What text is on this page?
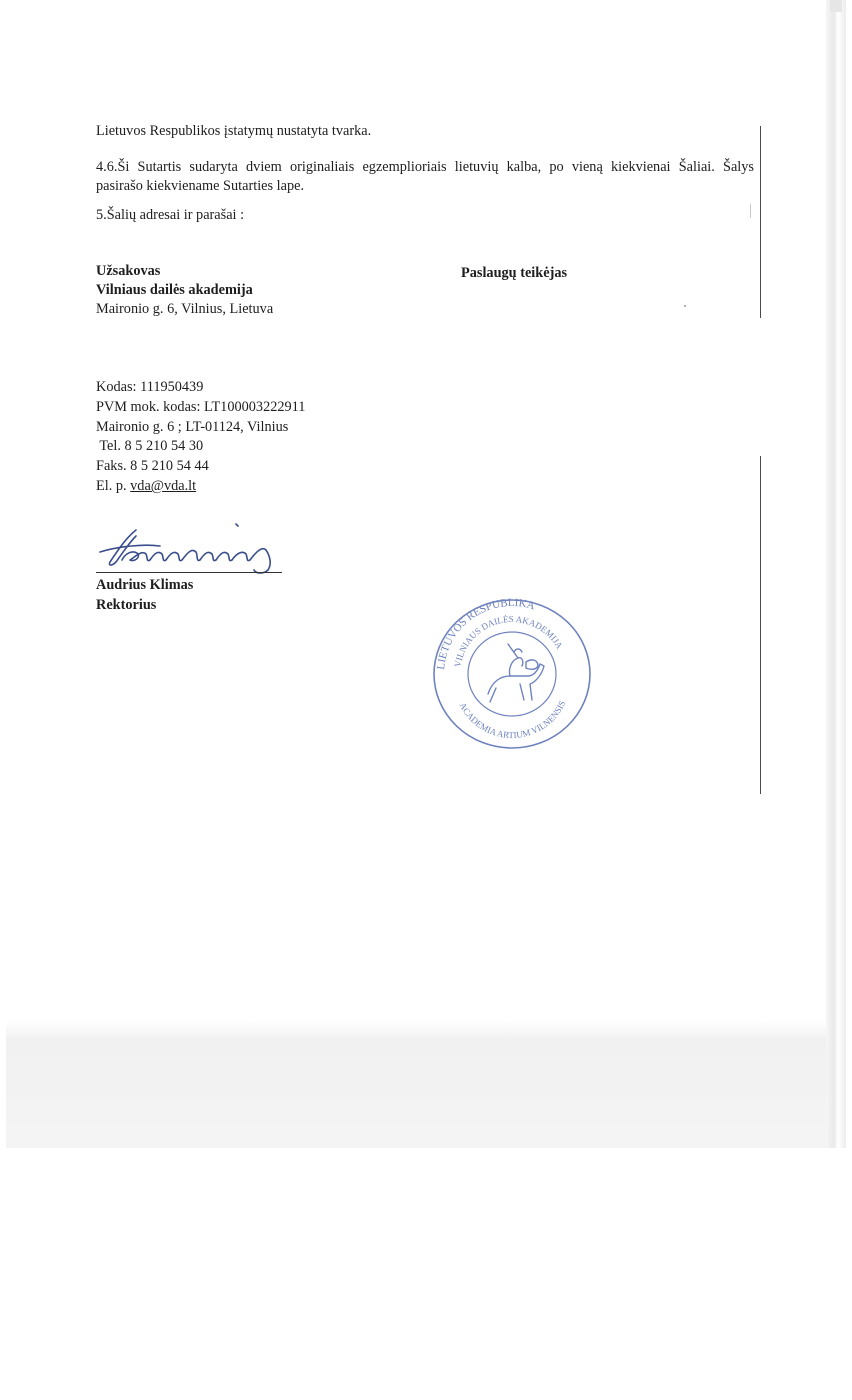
Lietuvos Respublikos įstatymų nustatyta tvarka.
4.6.Ši Sutartis sudaryta dviem originaliais egzemplioriais lietuvių kalba, po vieną kiekvienai Šaliai. Šalys
pasirašo kiekviename Sutarties lape.
5.Šalių adresai ir parašai :
Užsakovas	Paslaugų teikėjas
Vilniaus dailės akademija
Maironio g. 6, Vilnius, Lietuva
Kodas: 111950439
PVM mok. kodas: LT100003222911
Maironio g. 6 ; LT-01124, Vilnius
Tel. 8 5 210 54 30
Faks. 8 5 210 54 44
El. p. vda@vda.lt
Audrius Klimas
Rektorius
LIETUVOS RESPUBLIKA
VILNIAUS DAILĖS AKADEMIJA
ACADEMIA ARTIUM VILNENSIS
